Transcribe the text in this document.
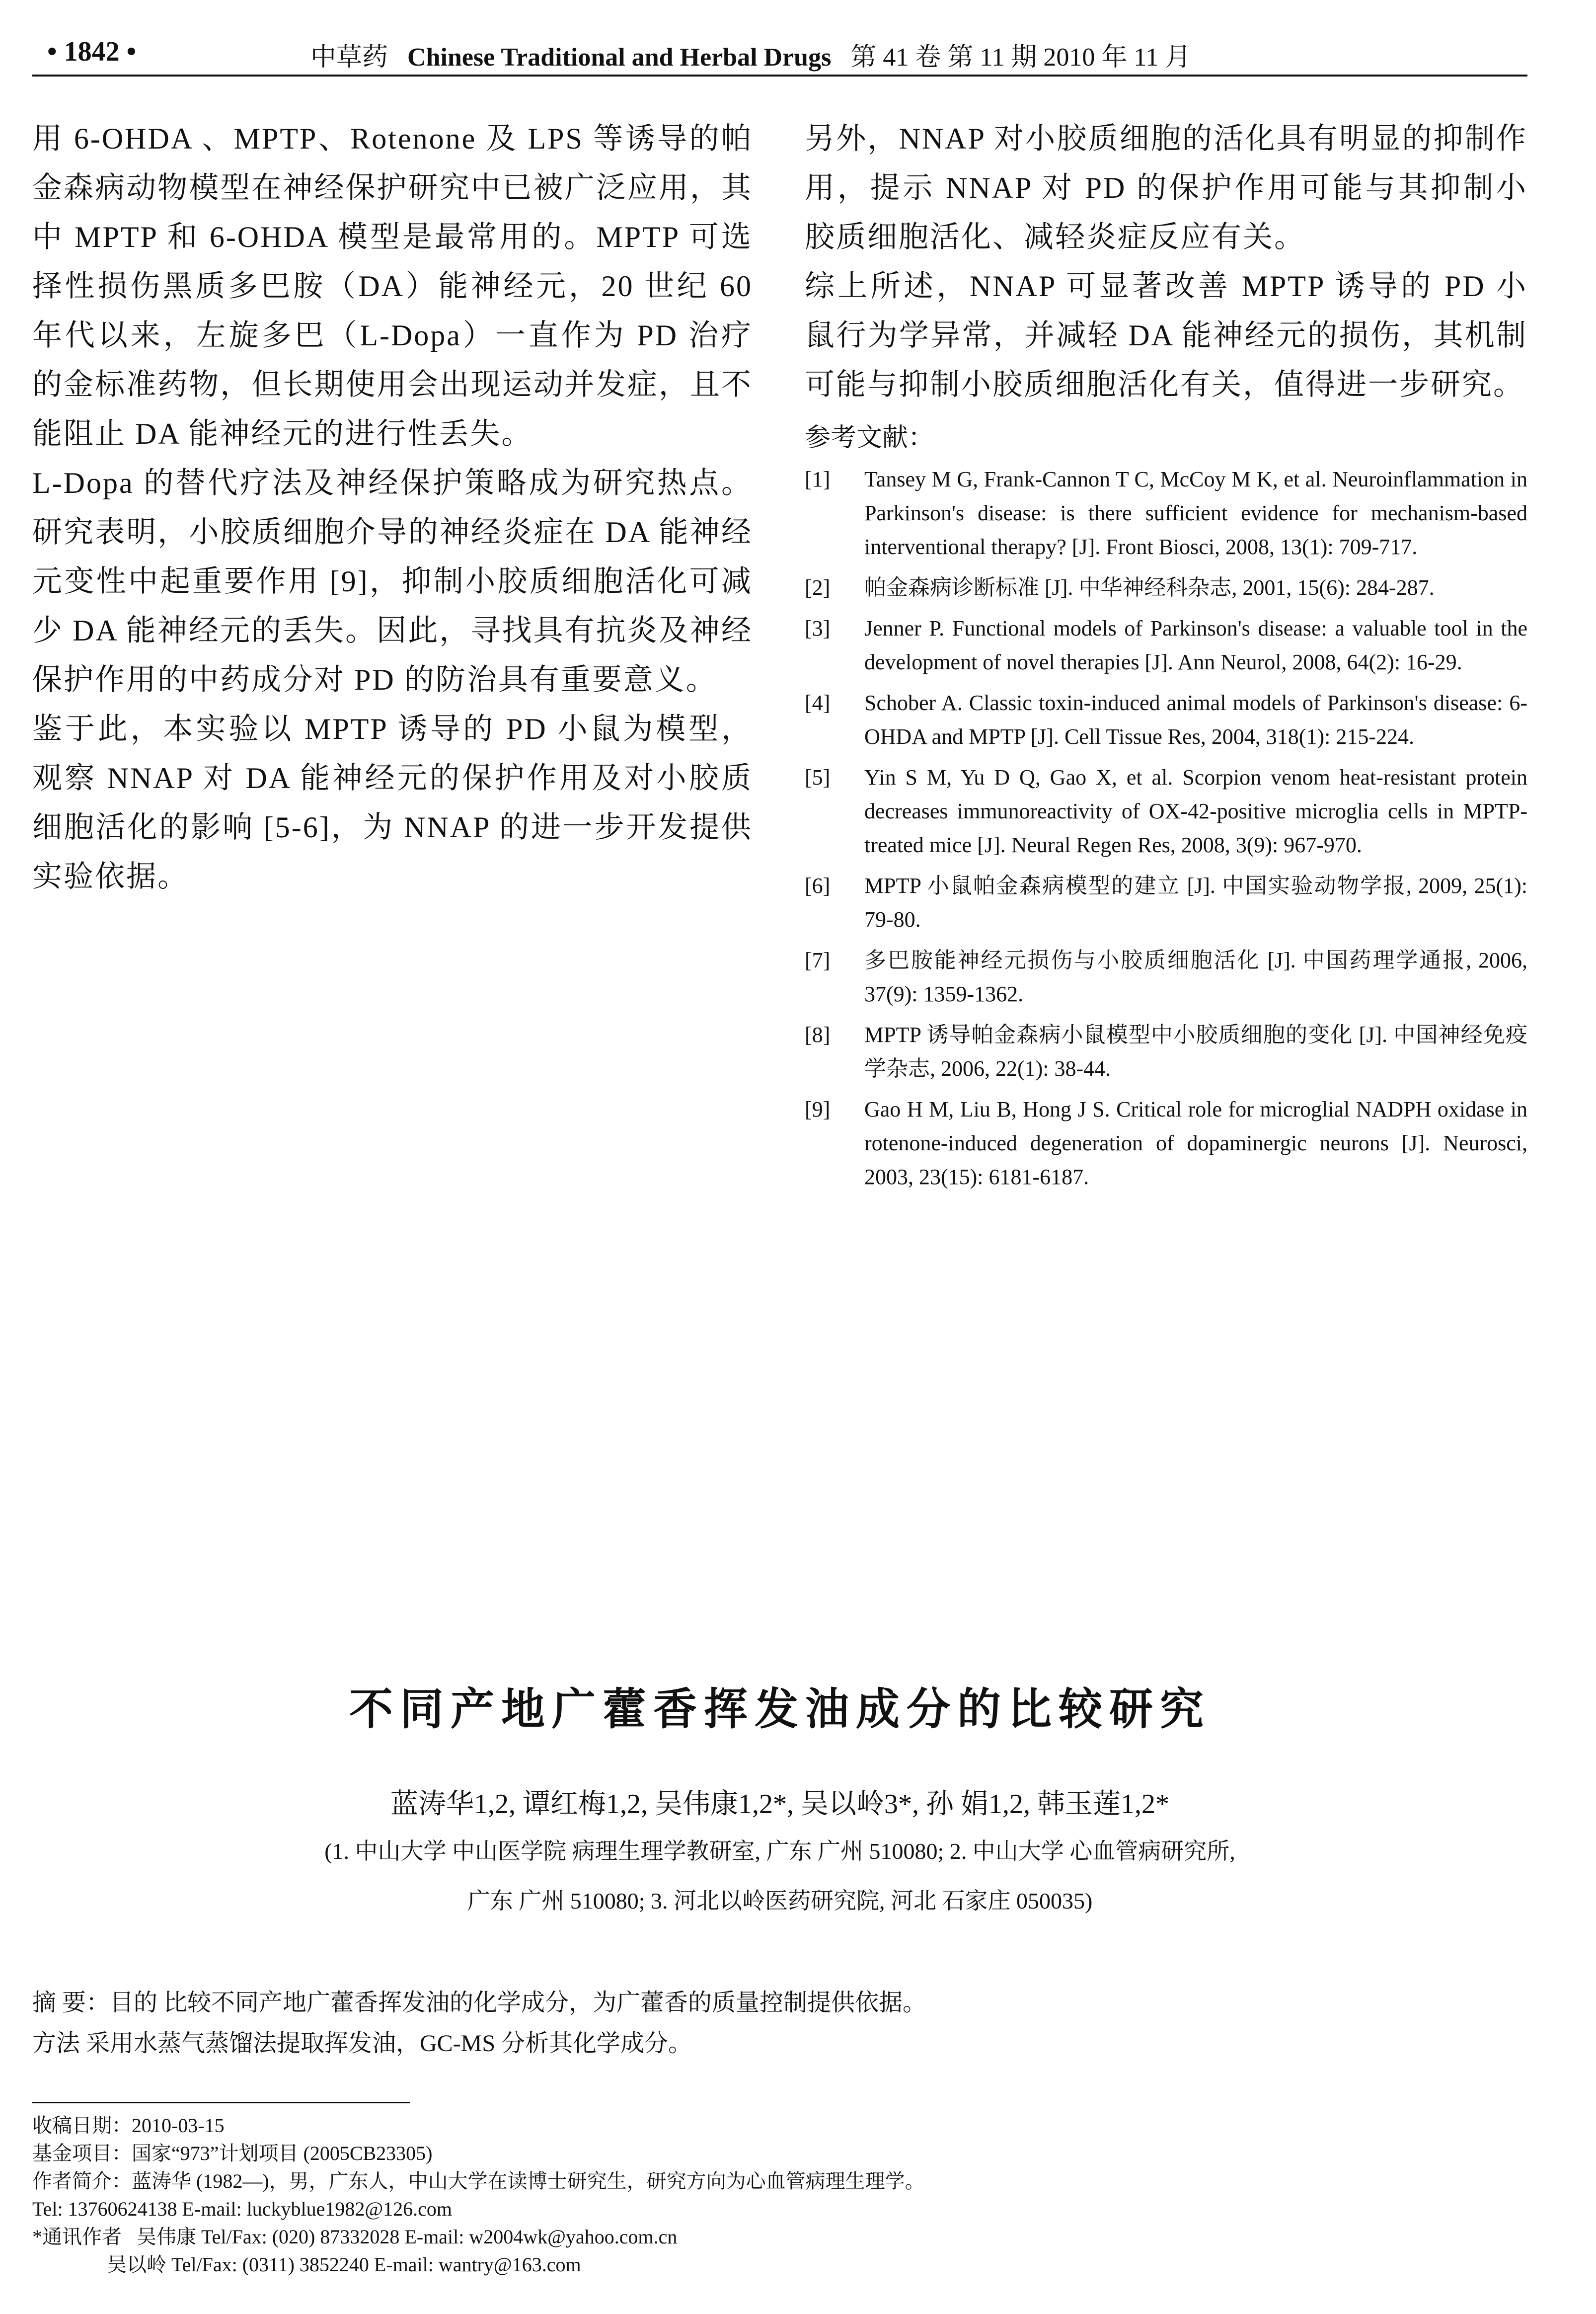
• 1842 •	中草药 Chinese Traditional and Herbal Drugs 第 41 卷 第 11 期 2010 年 11 月

用 6-OHDA 、MPTP、Rotenone 及 LPS 等诱导的帕金森病动物模型在神经保护研究中已被广泛应用，其中 MPTP 和 6-OHDA 模型是最常用的。MPTP 可选择性损伤黑质多巴胺（DA）能神经元，20 世纪 60 年代以来，左旋多巴（L-Dopa）一直作为 PD 治疗的金标准药物，但长期使用会出现运动并发症，且不能阻止 DA 能神经元的进行性丢失。

L-Dopa 的替代疗法及神经保护策略成为研究热点。研究表明，小胶质细胞介导的神经炎症在 DA 能神经元变性中起重要作用 [9]，抑制小胶质细胞活化可减少 DA 能神经元的丢失。因此，寻找具有抗炎及神经保护作用的中药成分对 PD 的防治具有重要意义。

鉴于此，本实验以 MPTP 诱导的 PD 小鼠为模型，观察 NNAP 对 DA 能神经元的保护作用及对小胶质细胞活化的影响 [5-6]，为 NNAP 的进一步开发提供实验依据。

另外，NNAP 对小胶质细胞的活化具有明显的抑制作用，提示 NNAP 对 PD 的保护作用可能与其抑制小胶质细胞活化、减轻炎症反应有关。

综上所述，NNAP 可显著改善 MPTP 诱导的 PD 小鼠行为学异常，并减轻 DA 能神经元的损伤，其机制可能与抑制小胶质细胞活化有关，值得进一步研究。

参考文献：
[1]	Tansey M G, Frank-Cannon T C, McCoy M K, et al. Neuroinflammation in Parkinson's disease: is there sufficient evidence for mechanism-based interventional therapy? [J]. Front Biosci, 2008, 13(1): 709-717.
[2]	帕金森病诊断标准 [J]. 中华神经科杂志, 2001, 15(6): 284-287.
[3]	Jenner P. Functional models of Parkinson's disease: a valuable tool in the development of novel therapies [J]. Ann Neurol, 2008, 64(2): 16-29.
[4]	Schober A. Classic toxin-induced animal models of Parkinson's disease: 6-OHDA and MPTP [J]. Cell Tissue Res, 2004, 318(1): 215-224.
[5]	Yin S M, Yu D Q, Gao X, et al. Scorpion venom heat-resistant protein decreases immunoreactivity of OX-42-positive microglia cells in MPTP-treated mice [J]. Neural Regen Res, 2008, 3(9): 967-970.
[6]	MPTP 小鼠帕金森病模型的建立 [J]. 中国实验动物学报, 2009, 25(1): 79-80.
[7]	多巴胺能神经元损伤与小胶质细胞活化 [J]. 中国药理学通报, 2006, 37(9): 1359-1362.
[8]	MPTP 诱导帕金森病小鼠模型中小胶质细胞的变化 [J]. 中国神经免疫学杂志, 2006, 22(1): 38-44.
[9]	Gao H M, Liu B, Hong J S. Critical role for microglial NADPH oxidase in rotenone-induced degeneration of dopaminergic neurons [J]. Neurosci, 2003, 23(15): 6181-6187.
不同产地广藿香挥发油成分的比较研究
蓝涛华1,2, 谭红梅1,2, 吴伟康1,2*, 吴以岭3*, 孙 娟1,2, 韩玉莲1,2*
(1. 中山大学 中山医学院 病理生理学教研室, 广东 广州 510080; 2. 中山大学 心血管病研究所,
广东 广州 510080; 3. 河北以岭医药研究院, 河北 石家庄 050035)
摘 要：目的 比较不同产地广藿香挥发油的化学成分，为广藿香的质量控制提供依据。
方法 采用水蒸气蒸馏法提取挥发油，GC-MS 分析其化学成分。
收稿日期：2010-03-15
基金项目：国家“973”计划项目 (2005CB23305)
作者简介：蓝涛华 (1982—)，男，广东人，中山大学在读博士研究生，研究方向为心血管病理生理学。
Tel: 13760624138 E-mail: luckyblue1982@126.com
*通讯作者 吴伟康 Tel/Fax: (020) 87332028 E-mail: w2004wk@yahoo.com.cn
吴以岭 Tel/Fax: (0311) 3852240 E-mail: wantry@163.com
